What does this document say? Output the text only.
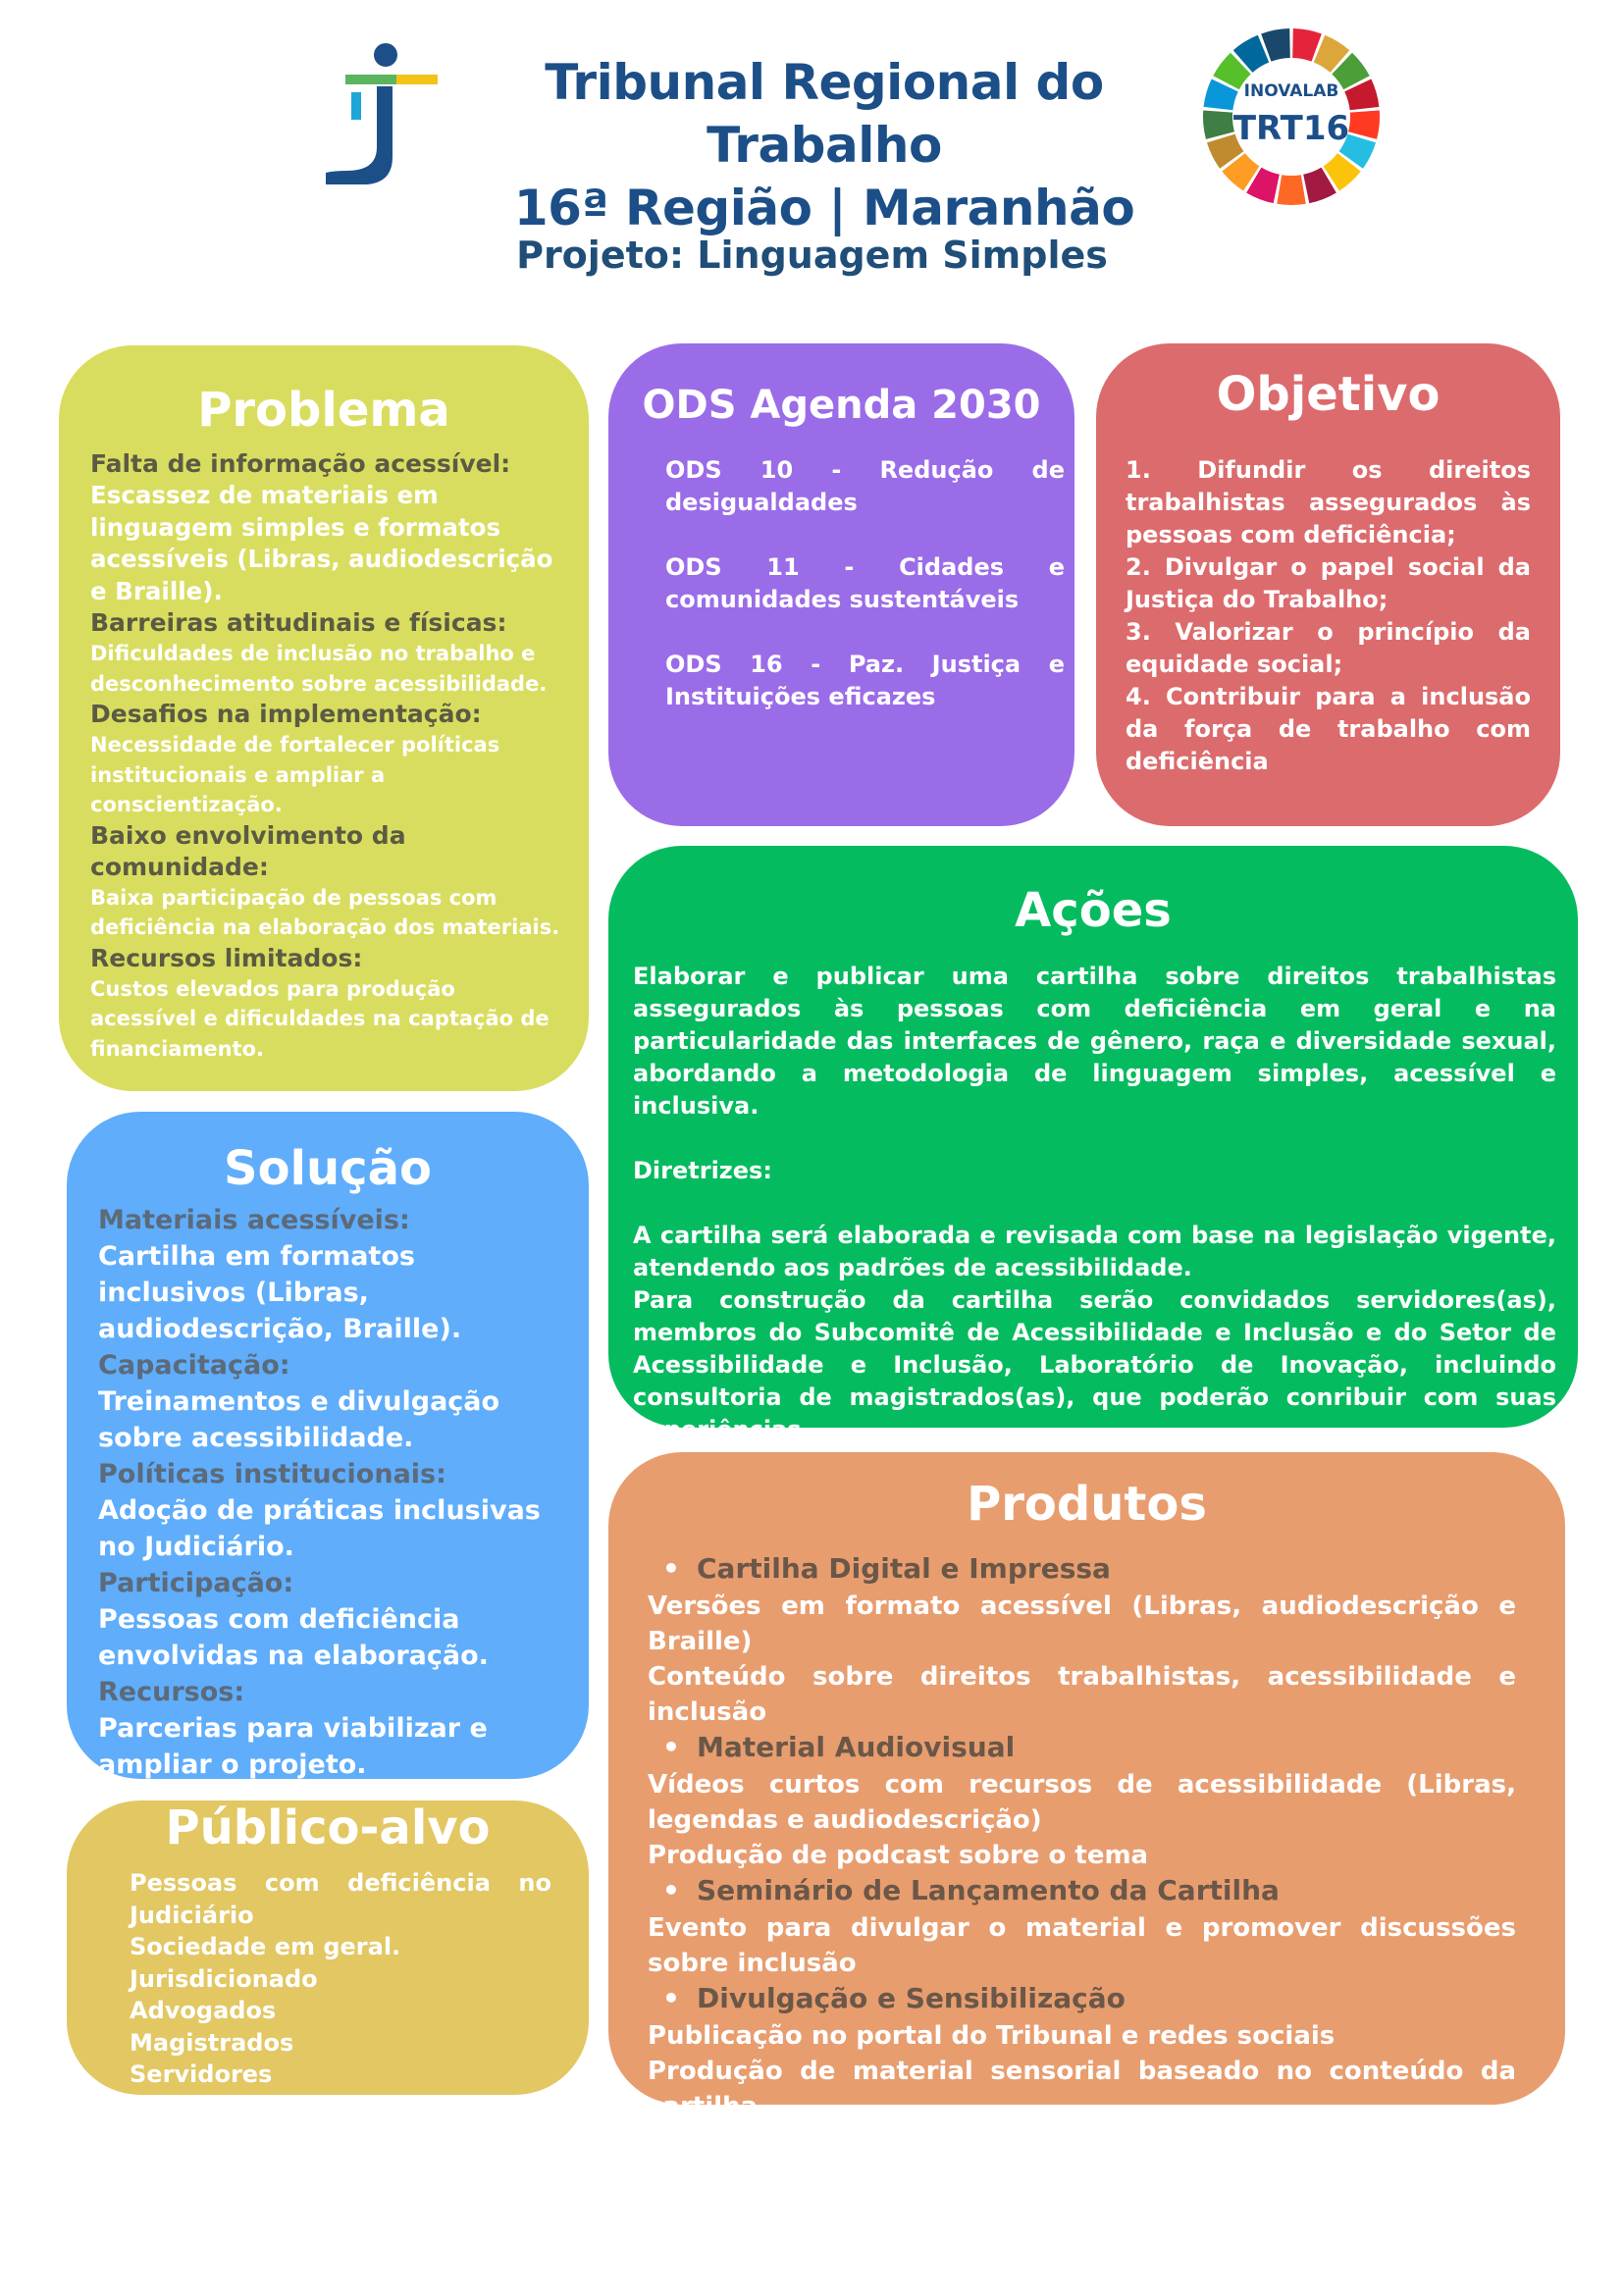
Tribunal Regional do Trabalho
16ª Região | Maranhão
INOVALAB
TRT16
Projeto: Linguagem Simples
Problema
Falta de informação acessível:
Escassez de materiais em linguagem simples e formatos acessíveis (Libras, audiodescrição e Braille).
Barreiras atitudinais e físicas:
Dificuldades de inclusão no trabalho e desconhecimento sobre acessibilidade.
Desafios na implementação:
Necessidade de fortalecer políticas institucionais e ampliar a conscientização.
Baixo envolvimento da comunidade:
Baixa participação de pessoas com deficiência na elaboração dos materiais.
Recursos limitados:
Custos elevados para produção acessível e dificuldades na captação de financiamento.
ODS Agenda 2030
ODS 10 - Redução de desigualdades
ODS 11 - Cidades e comunidades sustentáveis
ODS 16 - Paz. Justiça e Instituições eficazes
Objetivo
1. Difundir os direitos trabalhistas assegurados às pessoas com deficiência;
2. Divulgar o papel social da Justiça do Trabalho;
3. Valorizar o princípio da equidade social;
4. Contribuir para a inclusão da força de trabalho com deficiência
Ações
Elaborar e publicar uma cartilha sobre direitos trabalhistas assegurados às pessoas com deficiência em geral e na particularidade das interfaces de gênero, raça e diversidade sexual, abordando a metodologia de linguagem simples, acessível e inclusiva.
Diretrizes:
A cartilha será elaborada e revisada com base na legislação vigente, atendendo aos padrões de acessibilidade.
Para construção da cartilha serão convidados servidores(as), membros do Subcomitê de Acessibilidade e Inclusão e do Setor de Acessibilidade e Inclusão, Laboratório de Inovação, incluindo consultoria de magistrados(as), que poderão conribuir com suas experiências.
Solução
Materiais acessíveis:
Cartilha em formatos inclusivos (Libras, audiodescrição, Braille).
Capacitação:
Treinamentos e divulgação sobre acessibilidade.
Políticas institucionais:
Adoção de práticas inclusivas no Judiciário.
Participação:
Pessoas com deficiência envolvidas na elaboração.
Recursos:
Parcerias para viabilizar e ampliar o projeto.
Público-alvo
Pessoas com deficiência no Judiciário
Sociedade em geral.
Jurisdicionado
Advogados
Magistrados
Servidores
Produtos
• Cartilha Digital e Impressa
Versões em formato acessível (Libras, audiodescrição e Braille)
Conteúdo sobre direitos trabalhistas, acessibilidade e inclusão
• Material Audiovisual
Vídeos curtos com recursos de acessibilidade (Libras, legendas e audiodescrição)
Produção de podcast sobre o tema
• Seminário de Lançamento da Cartilha
Evento para divulgar o material e promover discussões sobre inclusão
• Divulgação e Sensibilização
Publicação no portal do Tribunal e redes sociais
Produção de material sensorial baseado no conteúdo da cartilha
